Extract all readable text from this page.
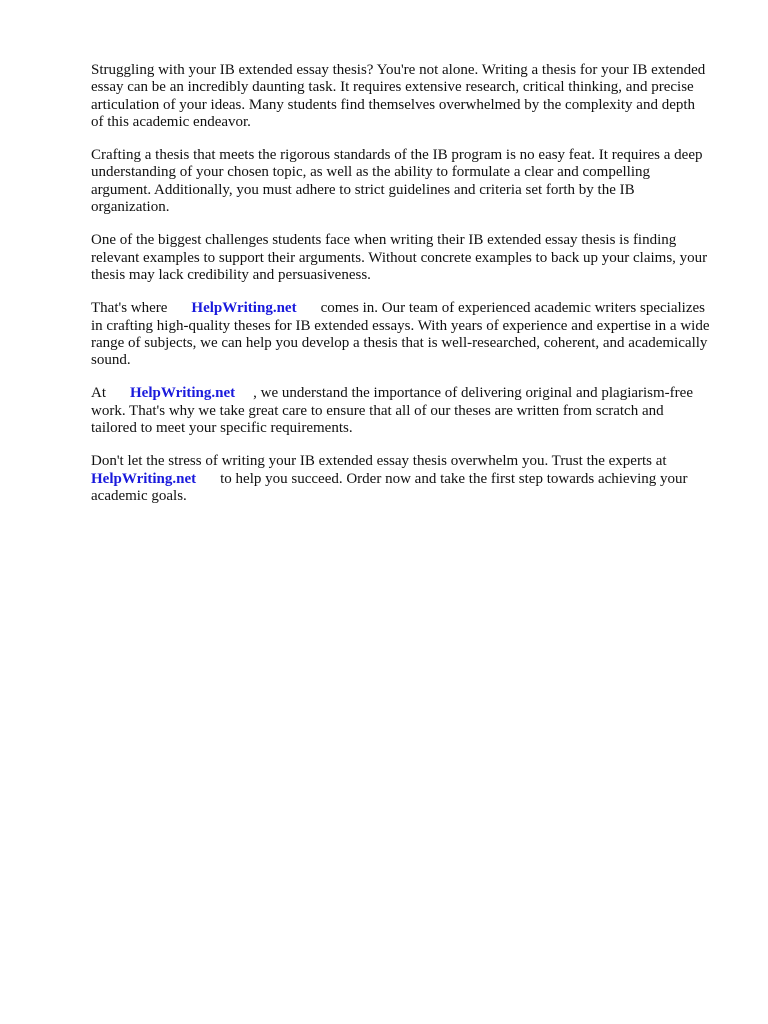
Struggling with your IB extended essay thesis? You're not alone. Writing a thesis for your IB extended essay can be an incredibly daunting task. It requires extensive research, critical thinking, and precise articulation of your ideas. Many students find themselves overwhelmed by the complexity and depth of this academic endeavor.

Crafting a thesis that meets the rigorous standards of the IB program is no easy feat. It requires a deep understanding of your chosen topic, as well as the ability to formulate a clear and compelling argument. Additionally, you must adhere to strict guidelines and criteria set forth by the IB organization.

One of the biggest challenges students face when writing their IB extended essay thesis is finding relevant examples to support their arguments. Without concrete examples to back up your claims, your thesis may lack credibility and persuasiveness.

That's where HelpWriting.net comes in. Our team of experienced academic writers specializes in crafting high-quality theses for IB extended essays. With years of experience and expertise in a wide range of subjects, we can help you develop a thesis that is well-researched, coherent, and academically sound.

At HelpWriting.net , we understand the importance of delivering original and plagiarism-free work. That's why we take great care to ensure that all of our theses are written from scratch and tailored to meet your specific requirements.

Don't let the stress of writing your IB extended essay thesis overwhelm you. Trust the experts at HelpWriting.net to help you succeed. Order now and take the first step towards achieving your academic goals.
